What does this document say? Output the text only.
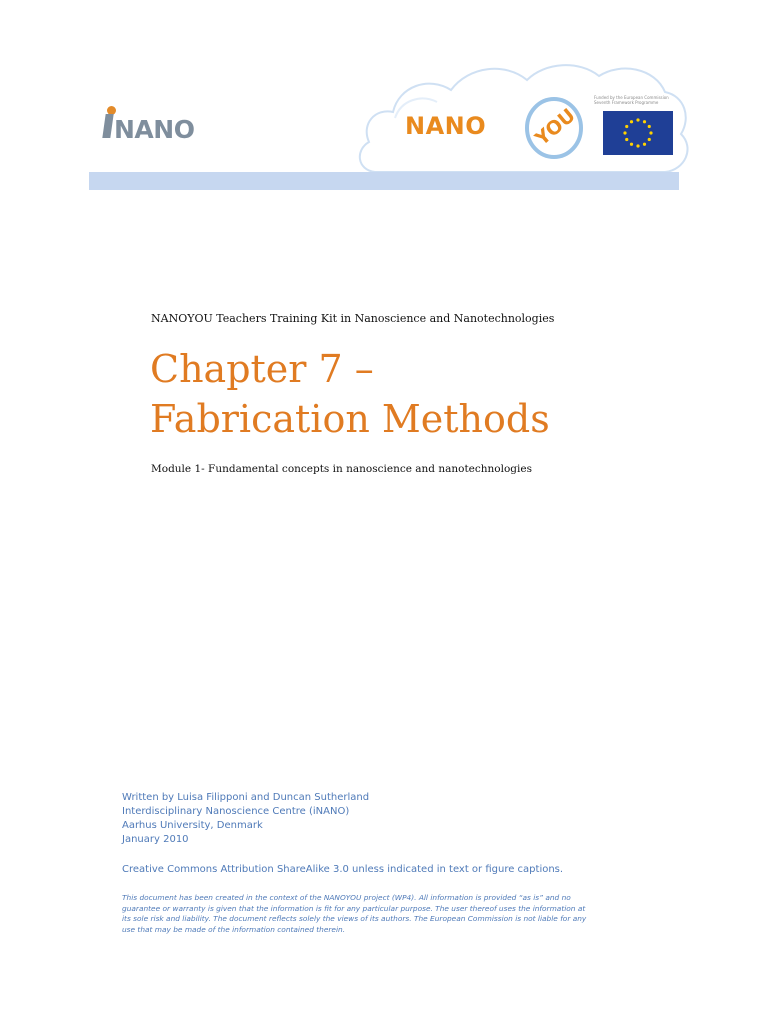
NANO	NANO YOU
Funded by the European Commission
Seventh Framework Programme
NANOYOU Teachers Training Kit in Nanoscience and Nanotechnologies
Chapter 7 –
Fabrication Methods
Module 1- Fundamental concepts in nanoscience and nanotechnologies
Written by Luisa Filipponi and Duncan Sutherland
Interdisciplinary Nanoscience Centre (iNANO)
Aarhus University, Denmark
January 2010
Creative Commons Attribution ShareAlike 3.0 unless indicated in text or figure captions.
This document has been created in the context of the NANOYOU project (WP4). All information is provided “as is” and no guarantee or warranty is given that the information is fit for any particular purpose. The user thereof uses the information at its sole risk and liability. The document reflects solely the views of its authors. The European Commission is not liable for any use that may be made of the information contained therein.
